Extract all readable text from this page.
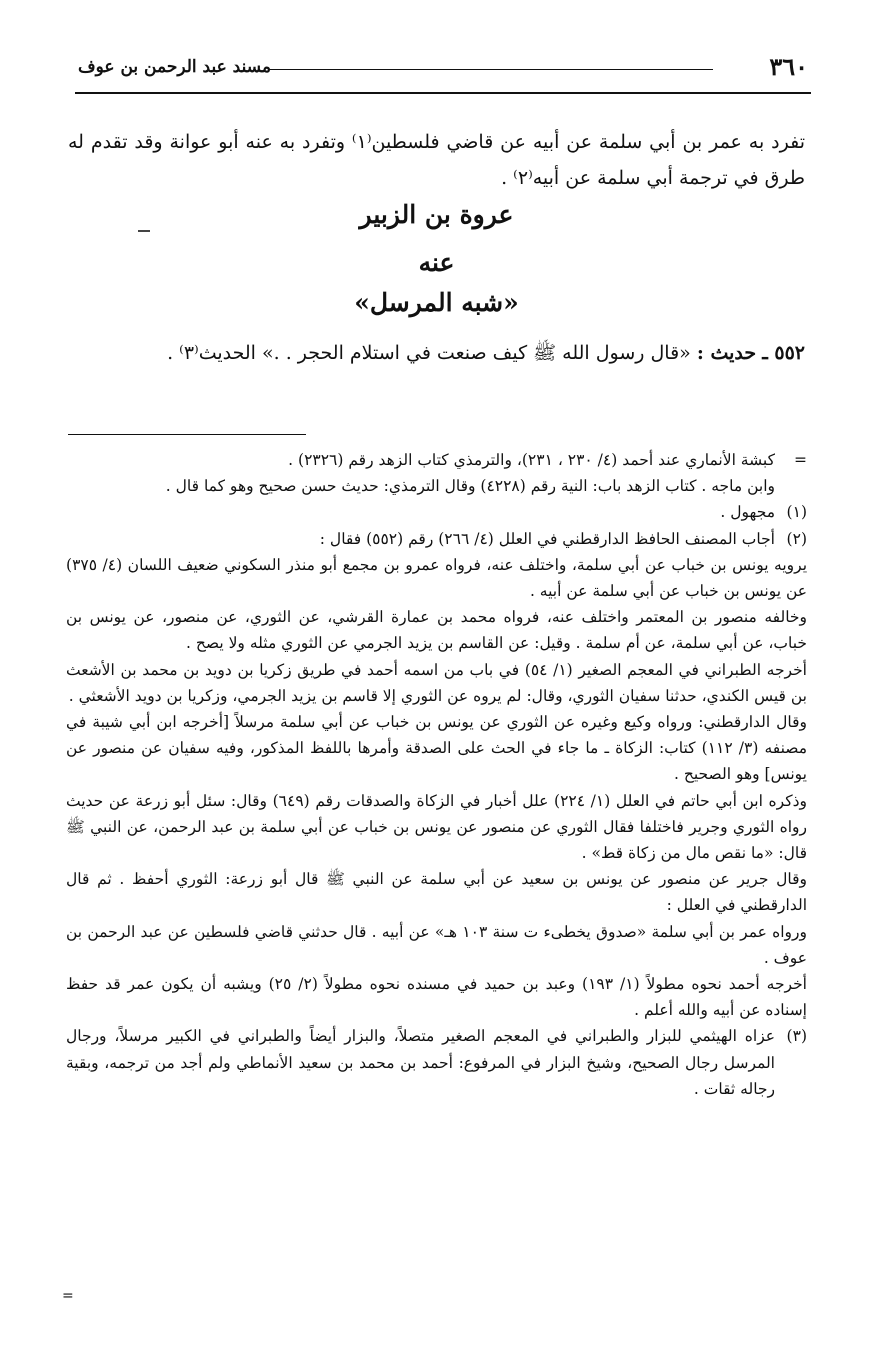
٣٦٠
مسند عبد الرحمن بن عوف
تفرد به عمر بن أبي سلمة عن أبيه عن قاضي فلسطين⁽١⁾ وتفرد به عنه أبو عوانة وقد تقدم له طرق في ترجمة أبي سلمة عن أبيه⁽٢⁾ .
عروة بن الزبير
عنه
«شبه المرسل»
٥٥٢ ـ حديث : «قال رسول الله ﷺ كيف صنعت في استلام الحجر . .» الحديث⁽٣⁾ .
=

كبشة الأنماري عند أحمد (٤/ ٢٣٠ ، ٢٣١)، والترمذي كتاب الزهد رقم (٢٣٢٦) .

وابن ماجه . كتاب الزهد باب: النية رقم (٤٢٢٨) وقال الترمذي: حديث حسن صحيح وهو كما قال .

(١)
مجهول .
(٢)
أجاب المصنف الحافظ الدارقطني في العلل (٤/ ٢٦٦) رقم (٥٥٢) فقال :

يرويه يونس بن خباب عن أبي سلمة، واختلف عنه، فرواه عمرو بن مجمع أبو منذر السكوني ضعيف اللسان (٤/ ٣٧٥) عن يونس بن خباب عن أبي سلمة عن أبيه .

وخالفه منصور بن المعتمر واختلف عنه، فرواه محمد بن عمارة القرشي، عن الثوري، عن منصور، عن يونس بن خباب، عن أبي سلمة، عن أم سلمة . وقيل: عن القاسم بن يزيد الجرمي عن الثوري مثله ولا يصح .

أخرجه الطبراني في المعجم الصغير (١/ ٥٤) في باب من اسمه أحمد في طريق زكريا بن دويد بن محمد بن الأشعث بن قيس الكندي، حدثنا سفيان الثوري، وقال: لم يروه عن الثوري إلا قاسم بن يزيد الجرمي، وزكريا بن دويد الأشعثي .

وقال الدارقطني: ورواه وكيع وغيره عن الثوري عن يونس بن خباب عن أبي سلمة مرسلاً [أخرجه ابن أبي شيبة في مصنفه (٣/ ١١٢) كتاب: الزكاة ـ ما جاء في الحث على الصدقة وأمرها باللفظ المذكور، وفيه سفيان عن منصور عن يونس] وهو الصحيح .

وذكره ابن أبي حاتم في العلل (١/ ٢٢٤) علل أخبار في الزكاة والصدقات رقم (٦٤٩) وقال: سئل أبو زرعة عن حديث رواه الثوري وجرير فاختلفا فقال الثوري عن منصور عن يونس بن خباب عن أبي سلمة بن عبد الرحمن، عن النبي ﷺ قال: «ما نقص مال من زكاة قط» .

وقال جرير عن منصور عن يونس بن سعيد عن أبي سلمة عن النبي ﷺ قال أبو زرعة: الثوري أحفظ . ثم قال الدارقطني في العلل :

ورواه عمر بن أبي سلمة «صدوق يخطىء ت سنة ١٠٣ هـ» عن أبيه . قال حدثني قاضي فلسطين عن عبد الرحمن بن عوف .

أخرجه أحمد نحوه مطولاً (١/ ١٩٣) وعبد بن حميد في مسنده نحوه مطولاً (٢/ ٢٥) ويشبه أن يكون عمر قد حفظ إسناده عن أبيه والله أعلم .

(٣)
عزاه الهيثمي للبزار والطبراني في المعجم الصغير متصلاً، والبزار أيضاً والطبراني في الكبير مرسلاً، ورجال المرسل رجال الصحيح، وشيخ البزار في المرفوع: أحمد بن محمد بن سعيد الأنماطي ولم أجد من ترجمه، وبقية رجاله ثقات .
=
